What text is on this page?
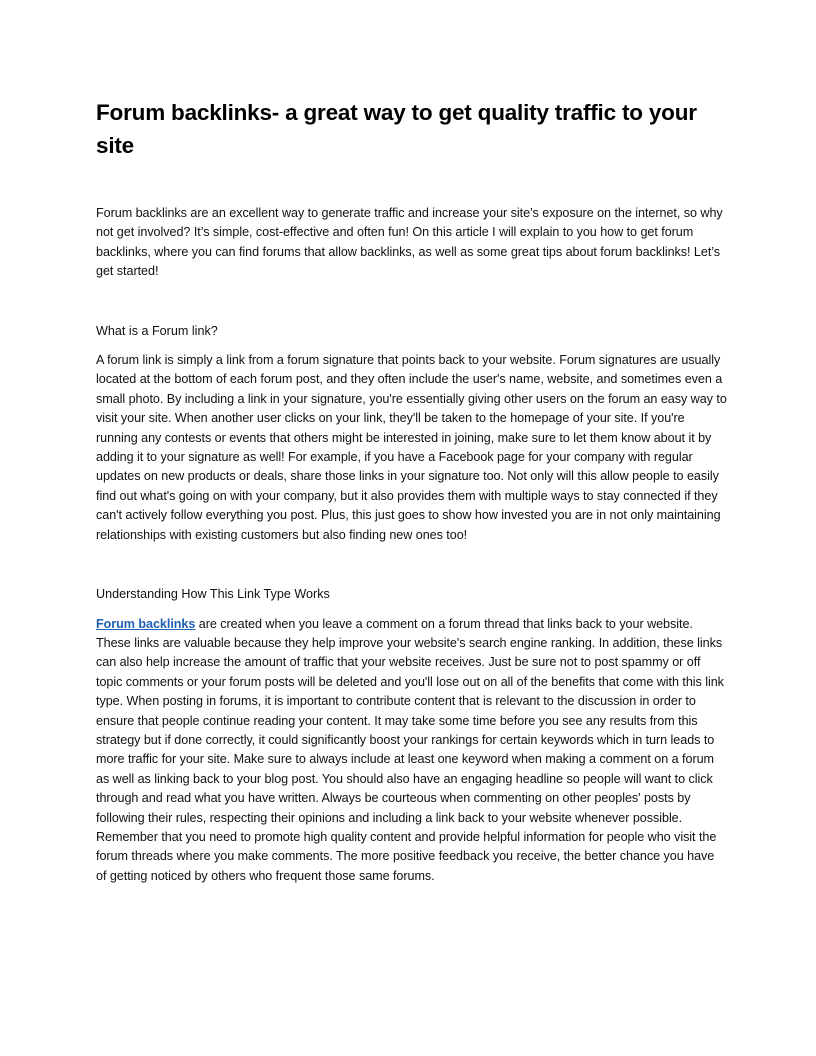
Forum backlinks- a great way to get quality traffic to your site

Forum backlinks are an excellent way to generate traffic and increase your site’s exposure on the internet, so why not get involved? It’s simple, cost-effective and often fun! On this article I will explain to you how to get forum backlinks, where you can find forums that allow backlinks, as well as some great tips about forum backlinks! Let’s get started!

What is a Forum link?

A forum link is simply a link from a forum signature that points back to your website. Forum signatures are usually located at the bottom of each forum post, and they often include the user's name, website, and sometimes even a small photo. By including a link in your signature, you're essentially giving other users on the forum an easy way to visit your site. When another user clicks on your link, they'll be taken to the homepage of your site. If you're running any contests or events that others might be interested in joining, make sure to let them know about it by adding it to your signature as well! For example, if you have a Facebook page for your company with regular updates on new products or deals, share those links in your signature too. Not only will this allow people to easily find out what's going on with your company, but it also provides them with multiple ways to stay connected if they can't actively follow everything you post. Plus, this just goes to show how invested you are in not only maintaining relationships with existing customers but also finding new ones too!

Understanding How This Link Type Works

Forum backlinks are created when you leave a comment on a forum thread that links back to your website. These links are valuable because they help improve your website's search engine ranking. In addition, these links can also help increase the amount of traffic that your website receives. Just be sure not to post spammy or off topic comments or your forum posts will be deleted and you'll lose out on all of the benefits that come with this link type. When posting in forums, it is important to contribute content that is relevant to the discussion in order to ensure that people continue reading your content. It may take some time before you see any results from this strategy but if done correctly, it could significantly boost your rankings for certain keywords which in turn leads to more traffic for your site. Make sure to always include at least one keyword when making a comment on a forum as well as linking back to your blog post. You should also have an engaging headline so people will want to click through and read what you have written. Always be courteous when commenting on other peoples' posts by following their rules, respecting their opinions and including a link back to your website whenever possible. Remember that you need to promote high quality content and provide helpful information for people who visit the forum threads where you make comments. The more positive feedback you receive, the better chance you have of getting noticed by others who frequent those same forums.
